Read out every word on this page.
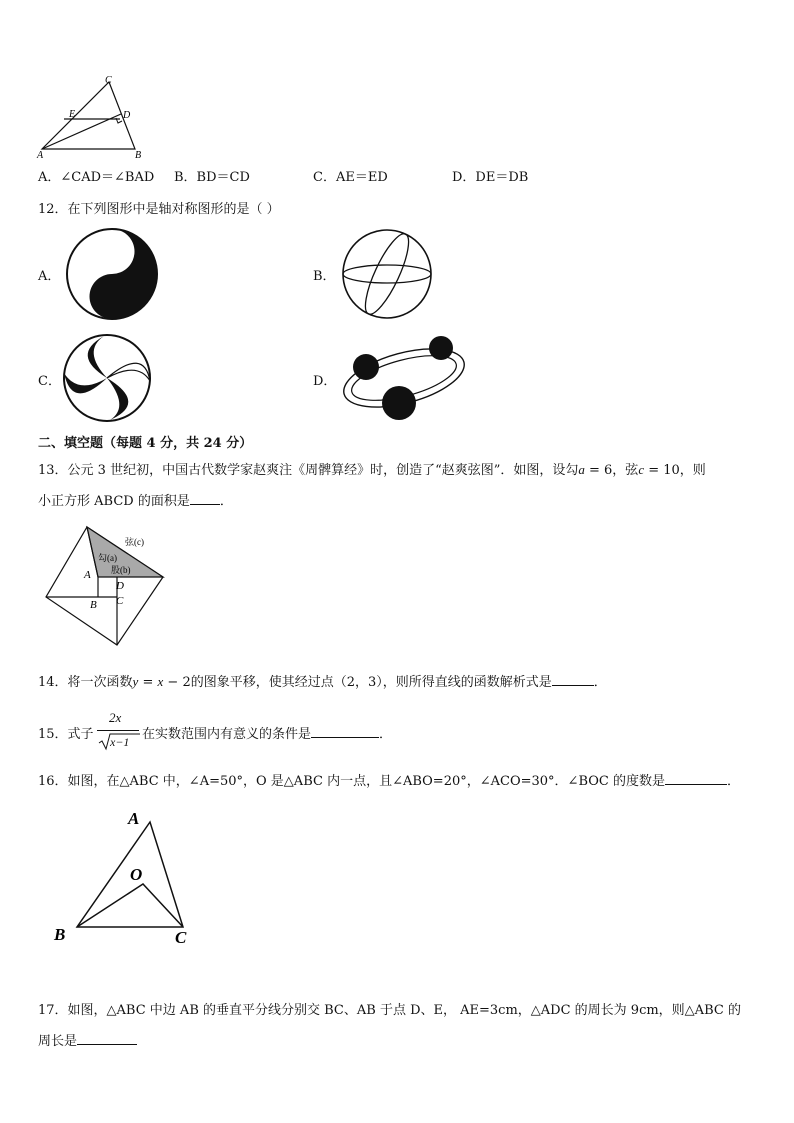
C
E	D
A	B
A．∠CAD＝∠BAD B．BD＝CD	C．AE＝ED	D．DE＝DB
12．在下列图形中是轴对称图形的是（ ）
A．	B．
C．	D．
二、填空题（每题 4 分，共 24 分）
13．公元 3 世纪初，中国古代数学家赵爽注《周髀算经》时，创造了“赵爽弦图”．如图，设勾a = 6，弦c = 10，则
小正方形 ABCD 的面积是 ．
弦(c)
勾(a)
股(b)
A
D
B C
14．将一次函数y = x − 2的图象平移，使其经过点（2，3），则所得直线的函数解析式是	．
15．式子
2x
x−1 在实数范围内有意义的条件是	．
16．如图，在△ABC 中，∠A=50°，O 是△ABC 内一点，且∠ABO=20°，∠ACO=30°．∠BOC 的度数是	．
A
O
B	C
17．如图，△ABC 中边 AB 的垂直平分线分别交 BC、AB 于点 D、E， AE=3cm，△ADC 的周长为 9cm，则△ABC 的
周长是
